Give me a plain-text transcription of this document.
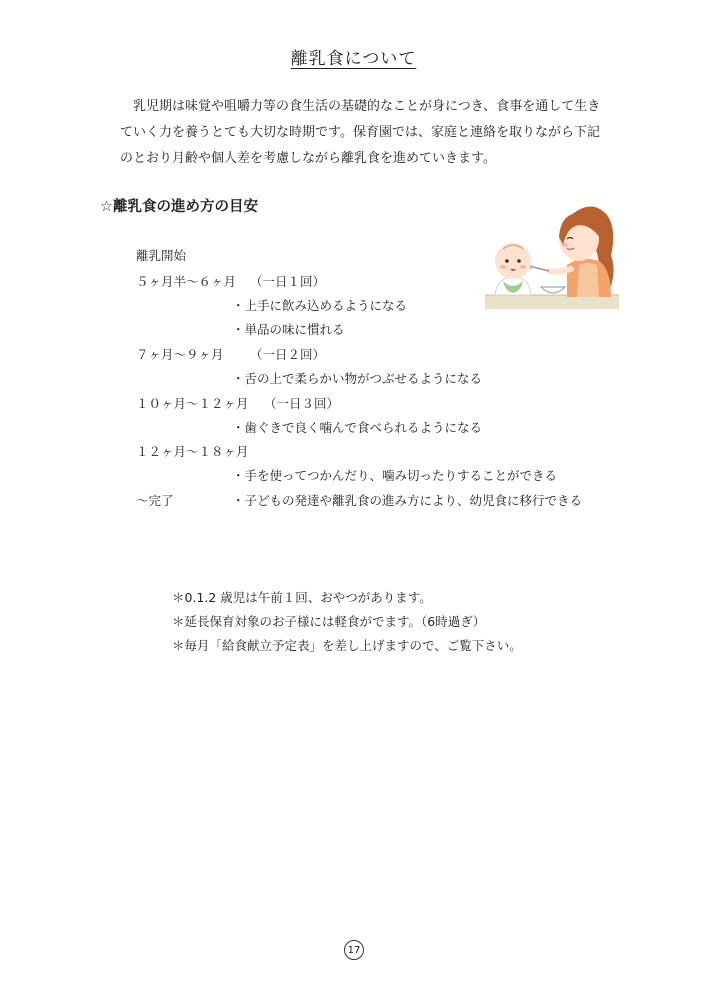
離乳食について

乳児期は味覚や咀嚼力等の食生活の基礎的なことが身につき、食事を通して生き

ていく力を養うとても大切な時期です。保育園では、家庭と連絡を取りながら下記

のとおり月齢や個人差を考慮しながら離乳食を進めていきます。

☆離乳食の進め方の目安
離乳開始
５ヶ月半～６ヶ月 （一日１回）
・上手に飲み込めるようになる
・単品の味に慣れる
７ヶ月～９ヶ月 （一日２回）
・舌の上で柔らかい物がつぶせるようになる
１０ヶ月～１２ヶ月 （一日３回）
・歯ぐきで良く噛んで食べられるようになる
１２ヶ月～１８ヶ月
・手を使ってつかんだり、噛み切ったりすることができる
～完了	・子どもの発達や離乳食の進み方により、幼児食に移行できる
＊0.1.2 歳児は午前１回、おやつがあります。
＊延長保育対象のお子様には軽食がでます。（6時過ぎ）
＊毎月「給食献立予定表」を差し上げますので、ご覧下さい。
17
